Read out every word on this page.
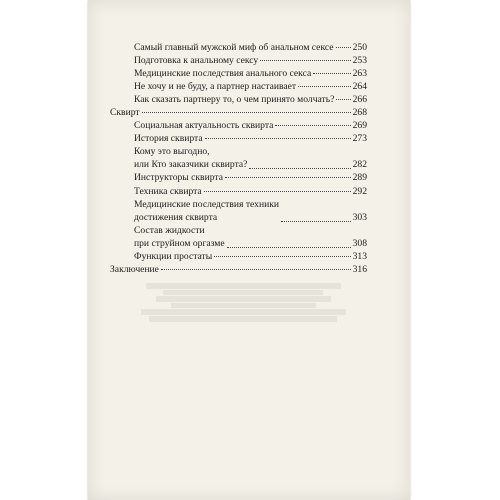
Самый главный мужской миф об анальном сексе 250
Подготовка к анальному сексу	253
Медицинские последствия анального секса	263
Не хочу и не буду, а партнер настаивает	264
Как сказать партнеру то, о чем принято молчать? 266
Сквирт	268
Социальная актуальность сквирта	269
История сквирта	273
Кому это выгодно,
или Кто заказчики сквирта?	282
Инструкторы сквирта	289
Техника сквирта	292
Медицинские последствия техники
достижения сквирта	303
Состав жидкости
при струйном оргазме	308
Функции простаты	313
Заключение	316
